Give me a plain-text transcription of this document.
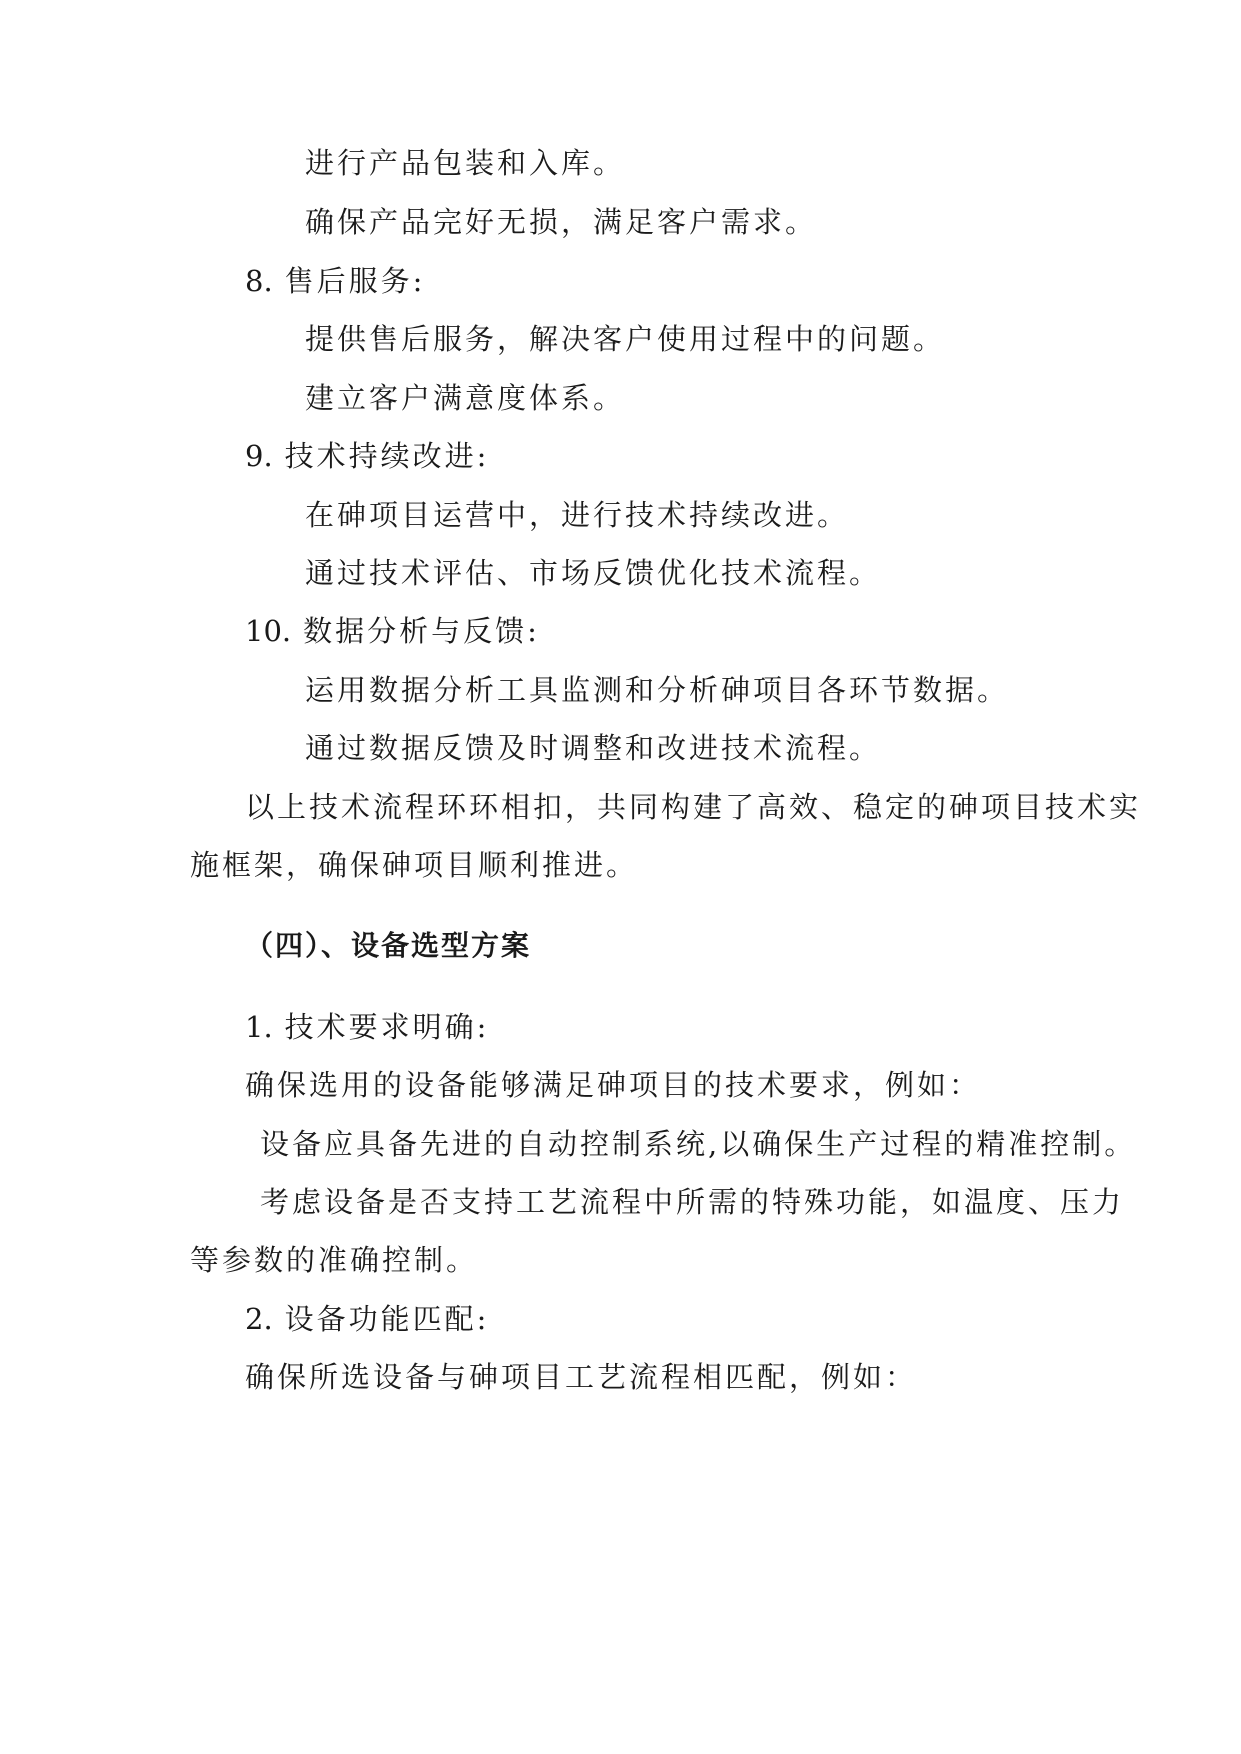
进行产品包装和入库。
确保产品完好无损，满足客户需求。
8. 售后服务:
提供售后服务，解决客户使用过程中的问题。
建立客户满意度体系。
9. 技术持续改进:
在砷项目运营中，进行技术持续改进。
通过技术评估、市场反馈优化技术流程。
10. 数据分析与反馈:
运用数据分析工具监测和分析砷项目各环节数据。
通过数据反馈及时调整和改进技术流程。
以上技术流程环环相扣，共同构建了高效、稳定的砷项目技术实
施框架，确保砷项目顺利推进。
（四）、设备选型方案
1. 技术要求明确:
确保选用的设备能够满足砷项目的技术要求，例如：
设备应具备先进的自动控制系统,以确保生产过程的精准控制。
考虑设备是否支持工艺流程中所需的特殊功能，如温度、压力
等参数的准确控制。
2. 设备功能匹配:
确保所选设备与砷项目工艺流程相匹配，例如：
